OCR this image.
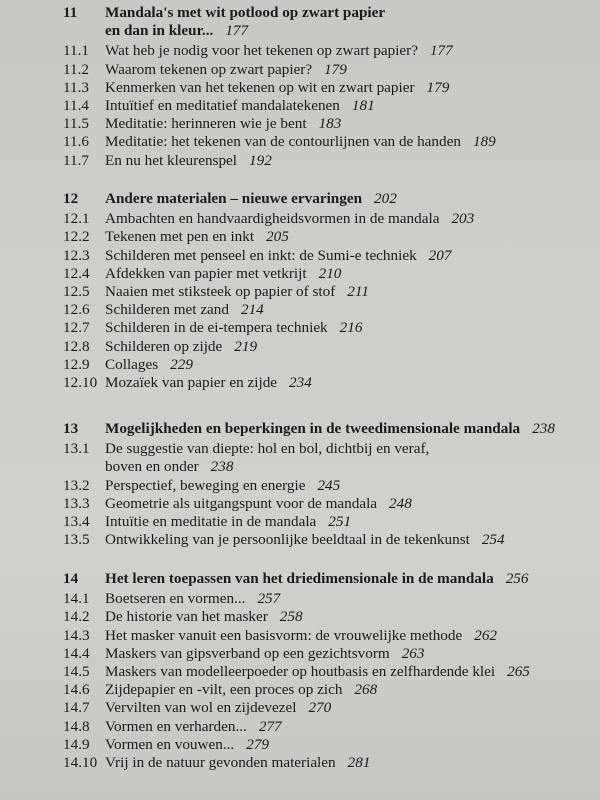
11 Mandala's met wit potlood op zwart papier
en dan in kleur... 177
11.1 Wat heb je nodig voor het tekenen op zwart papier? 177
11.2 Waarom tekenen op zwart papier? 179
11.3 Kenmerken van het tekenen op wit en zwart papier 179
11.4 Intuïtief en meditatief mandalatekenen 181
11.5 Meditatie: herinneren wie je bent 183
11.6 Meditatie: het tekenen van de contourlijnen van de handen 189
11.7 En nu het kleurenspel 192
12 Andere materialen – nieuwe ervaringen 202
12.1 Ambachten en handvaardigheidsvormen in de mandala 203
12.2 Tekenen met pen en inkt 205
12.3 Schilderen met penseel en inkt: de Sumi-e techniek 207
12.4 Afdekken van papier met vetkrijt 210
12.5 Naaien met stiksteek op papier of stof 211
12.6 Schilderen met zand 214
12.7 Schilderen in de ei-tempera techniek 216
12.8 Schilderen op zijde 219
12.9 Collages 229
12.10 Mozaïek van papier en zijde 234
13 Mogelijkheden en beperkingen in de tweedimensionale mandala 238
13.1 De suggestie van diepte: hol en bol, dichtbij en veraf,
boven en onder 238
13.2 Perspectief, beweging en energie 245
13.3 Geometrie als uitgangspunt voor de mandala 248
13.4 Intuïtie en meditatie in de mandala 251
13.5 Ontwikkeling van je persoonlijke beeldtaal in de tekenkunst 254
14 Het leren toepassen van het driedimensionale in de mandala 256
14.1 Boetseren en vormen... 257
14.2 De historie van het masker 258
14.3 Het masker vanuit een basisvorm: de vrouwelijke methode 262
14.4 Maskers van gipsverband op een gezichtsvorm 263
14.5 Maskers van modelleerpoeder op houtbasis en zelfhardende klei 265
14.6 Zijdepapier en -vilt, een proces op zich 268
14.7 Vervilten van wol en zijdevezel 270
14.8 Vormen en verharden... 277
14.9 Vormen en vouwen... 279
14.10 Vrij in de natuur gevonden materialen 281
